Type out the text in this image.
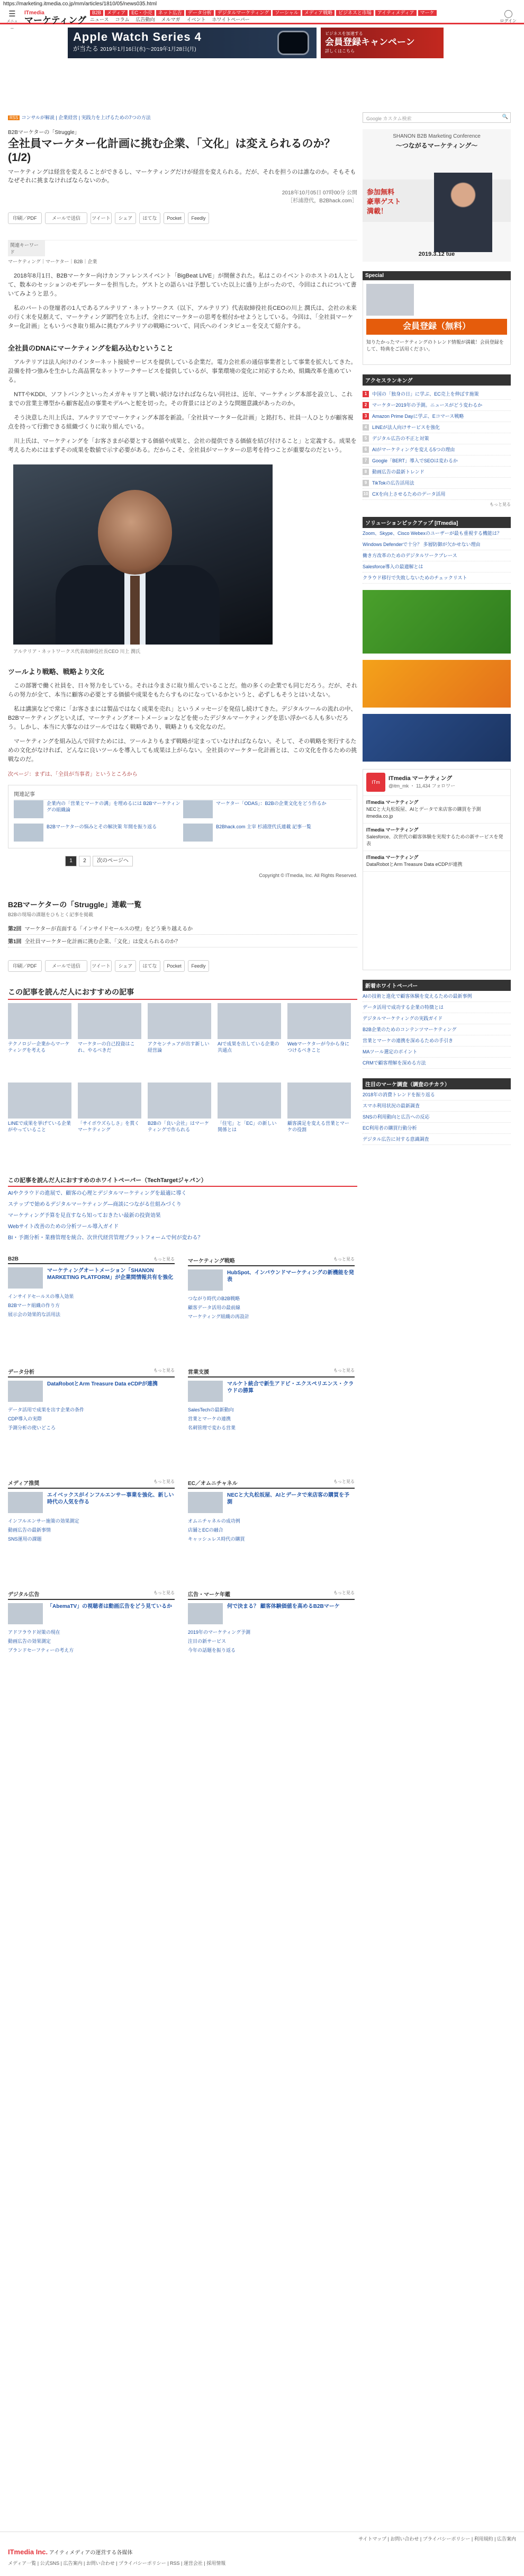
https://marketing.itmedia.co.jp/mm/articles/1810/05/news035.html
☰
メニュー
ITmedia
マーケティング
B2B メディア EC・小売 ネット広告 データ分析 デジタルマーケティング ソーシャル メディア戦略 ビジネスと市場 アイティメディア マーケ
ニュース コラム 広告動向 メルマガ イベント ホワイトペーパー	ログイン
Apple Watch Series 4
が当たる 2019年1月16日(水)～2019年1月28日(月)
ビジネスを加速する
会員登録キャンペーン
詳しくはこちら
RSS コンサルが解説 | 企業経営 | 実践力を上げるための7つの方法
B2Bマーケターの「Struggle」
全社員マーケター化計画に挑む企業、「文化」は変えられるのか？ (1/2)
マーケティングは経営を変えることができるし、マーケティングだけが経営を変えられる。だが、それを担うのは誰なのか。そもそもなぜそれに挑まなければならないのか。
2018年10月05日 07時00分 公開
［杉浦澄代，B2Bhack.com］
印刷／PDF	メールで送信	ツイート	シェア	はてな	Pocket	Feedly
関連キーワード
マーケティング｜マーケター｜B2B｜企業

2018年8月1日、B2Bマーケター向けカンファレンスイベント「BigBeat LIVE」が開催された。私はこのイベントのホストの1人として、数本のセッションのモデレーターを担当した。ゲストとの語らいは予想していた以上に盛り上がったので、今回はこれについて書いてみようと思う。

私のパートの登壇者の1人であるアルテリア・ネットワークス（以下、アルテリア）代表取締役社長CEOの川上 潤氏は、会社の未来の行く末を見据えて、マーケティング部門を立ち上げ、全社にマーケターの思考を根付かせようとしている。今回は、「全社員マーケター化計画」ともいうべき取り組みに挑むアルテリアの戦略について、同氏へのインタビューを交えて紹介する。

全社員のDNAにマーケティングを組み込むということ

アルテリアは法人向けのインターネット接続サービスを提供している企業だ。電力会社系の通信事業者として事業を拡大してきた。設備を持つ強みを生かした高品質なネットワークサービスを提供しているが、事業環境の変化に対応するため、組織改革を進めている。

NTTやKDDI、ソフトバンクといったメガキャリアと戦い続けなければならない同社は、近年、マーケティング本部を設立し、これまでの営業主導型から顧客起点の事業モデルへと舵を切った。その背景にはどのような問題意識があったのか。

そう決意した川上氏は、アルテリアでマーケティング本部を新設。「全社員マーケター化計画」と銘打ち、社員一人ひとりが顧客視点を持って行動できる組織づくりに取り組んでいる。

川上氏は、マーケティングを「お客さまが必要とする価値や成果と、会社の提供できる価値を結び付けること」と定義する。成果を考えるためにはまずその成果を数値で示す必要がある。だからこそ、全社員がマーケターの思考を持つことが重要なのだという。

アルテリア・ネットワークス代表取締役社長CEO 川上 潤氏
ツールより戦略、戦略より文化

この部署で働く社員を、日々努力をしている。それは今まさに取り組んでいることだ。他の多くの企業でも同じだろう。だが、それらの努力が全て、本当に顧客の必要とする価値や成果をもたらすものになっているかというと、必ずしもそうとはいえない。

私は講演などで常に「お客さまには製品ではなく成果を売れ」というメッセージを発信し続けてきた。デジタルツールの流れの中、B2Bマーケティングといえば、マーケティングオートメーションなどを使ったデジタルマーケティングを思い浮かべる人も多いだろう。しかし、本当に大事なのはツールではなく戦略であり、戦略よりも文化なのだ。

マーケティングを組み込んで回すためには、ツールよりもまず戦略が定まっていなければならない。そして、その戦略を実行するための文化がなければ、どんなに良いツールを導入しても成果は上がらない。全社員のマーケター化計画とは、この文化を作るための挑戦なのだ。

次ページ：まずは、「全員が当事者」というところから
関連記事
企業内の「営業とマーケの溝」を埋めるには B2Bマーケティングの組織論
マーケター「ODAS」：B2Bの企業文化をどう作るか
B2Bマーケターの悩みとその解決策 年間を振り返る	B2Bhack.com 主宰 杉浦澄代氏連載 記事一覧
1	2	次のページへ
Copyright © ITmedia, Inc. All Rights Reserved.
B2Bマーケターの「Struggle」連載一覧
B2Bの現場の課題をひもとく記事を掲載
第2回 マーケターが直面する「インサイドセールスの壁」をどう乗り越えるか
第1回 全社員マーケター化計画に挑む企業、「文化」は変えられるのか？
印刷／PDF	メールで送信	ツイート	シェア	はてな	Pocket	Feedly
この記事を読んだ人におすすめの記事
テクノロジー企業からマーケティングを考える
マーケターの自己投資はこれ、やるべきだ
アクセンチュアが出す新しい経営論
AIで成果を出している企業の共通点
Webマーケターが今から身につけるべきこと
LINEで成果を挙げている企業がやっていること
「サイボウズらしさ」を貫くマーケティング
B2Bの「良い会社」はマーケティングで作られる
「住宅」と「EC」の新しい関係とは
顧客満足を変える営業とマーケの役割
この記事を読んだ人におすすめのホワイトペーパー（TechTargetジャパン）
AIやクラウドの進展で、顧客の心理とデジタルマーケティングを最適に導く
ステップで始めるデジタルマーケティング―商談につながる仕組みづくり
マーケティング予算を見直すなら知っておきたい最新の投資効果
Webサイト改善のための分析ツール導入ガイド
BI・予測分析・業務管理を統合、次世代経営管理プラットフォームで何が変わる？
B2B	もっと見る
マーケティングオートメーション「SHANON MARKETING PLATFORM」が企業間情報共有を強化
インサイドセールスの導入効果
B2Bマーケ組織の作り方
展示会の効果的な活用法
マーケティング戦略	もっと見る
HubSpot、インバウンドマーケティングの新機能を発表
つながり時代のB2B戦略
顧客データ活用の最前線
マーケティング組織の再設計
データ分析	もっと見る
DataRobotとArm Treasure Data eCDPが連携
データ活用で成果を出す企業の条件
CDP導入の実際
予測分析の使いどころ
営業支援	もっと見る
マルケト統合で新生アドビ・エクスペリエンス・クラウドの勝算
SalesTechの最新動向
営業とマーケの連携
名刺管理で変わる営業
メディア推奨	もっと見る
エイベックスがインフルエンサー事業を強化、新しい時代の人気を作る
インフルエンサー施策の効果測定
動画広告の最新事情
SNS運用の課題
EC／オムニチャネル	もっと見る
NECと大丸松坂屋、AIとデータで来店客の購買を予測
オムニチャネルの成功例
店舗とECの融合
キャッシュレス時代の購買
デジタル広告	もっと見る
「AbemaTV」の視聴者は動画広告をどう見ているか
アドフラウド対策の現在
動画広告の効果測定
ブランドセーフティーの考え方
広告・マーケ年鑑	もっと見る
何で決まる？ 顧客体験価値を高めるB2Bマーケ
2019年のマーケティング予測
注目の新サービス
今年の話題を振り返る
Google カスタム検索	🔍
SHANON B2B Marketing Conference
～つながるマーケティング～
参加無料
豪華ゲスト
満載！
2019.3.12 tue
Special
会員登録（無料）
知りたかったマーケティングのトレンド情報が満載！会員登録をして、特典をご活用ください。
アクセスランキング
1	中国の「独身の日」に学ぶ、EC売上を伸ばす施策
2	マーケター2019年の予測。ニュースがどう変わるか
3	Amazon Prime Dayに学ぶ、Eコマース戦略
4	LINEが法人向けサービスを強化
5	デジタル広告の不正と対策
6	AIがマーケティングを変える5つの理由
7	Google「BERT」導入でSEOは変わるか
8	動画広告の最新トレンド
9	TikTokの広告活用法
10 CXを向上させるためのデータ活用
もっと見る
ソリューションピックアップ [ITmedia]
Zoom、Skype、Cisco Webexのユーザーが最も重視する機能は？
Windows Defenderで十分？ 多層防御が欠かせない理由
働き方改革のためのデジタルワークプレース
Salesforce導入の最適解とは
クラウド移行で失敗しないためのチェックリスト
ITm
ITmedia マーケティング
@itm_mk ・ 11,434 フォロワー
ITmedia マーケティング
NECと大丸松坂屋、AIとデータで来店客の購買を予測 itmedia.co.jp
ITmedia マーケティング
Salesforce、次世代の顧客体験を実現するための新サービスを発表
ITmedia マーケティング
DataRobotとArm Treasure Data eCDPが連携
新着ホワイトペーパー
AIの技術と進化で顧客体験を変えるための最新事例
データ活用で成功する企業の特徴とは
デジタルマーケティングの実践ガイド
B2B企業のためのコンテンツマーケティング
営業とマーケの連携を深めるための手引き
MAツール選定のポイント
CRMで顧客理解を深める方法
注目のマーケ調査（調査のチカラ）
2018年の消費トレンドを振り返る
スマホ利用状況の最新調査
SNSの利用動向と広告への反応
EC利用者の購買行動分析
デジタル広告に対する意識調査
サイトマップ | お問い合わせ | プライバシーポリシー | 利用規約 | 広告案内
ITmedia Inc. アイティメディアの運営する各媒体
メディア一覧 | 公式SNS | 広告案内 | お問い合わせ | プライバシーポリシー | RSS | 運営会社 | 採用情報
